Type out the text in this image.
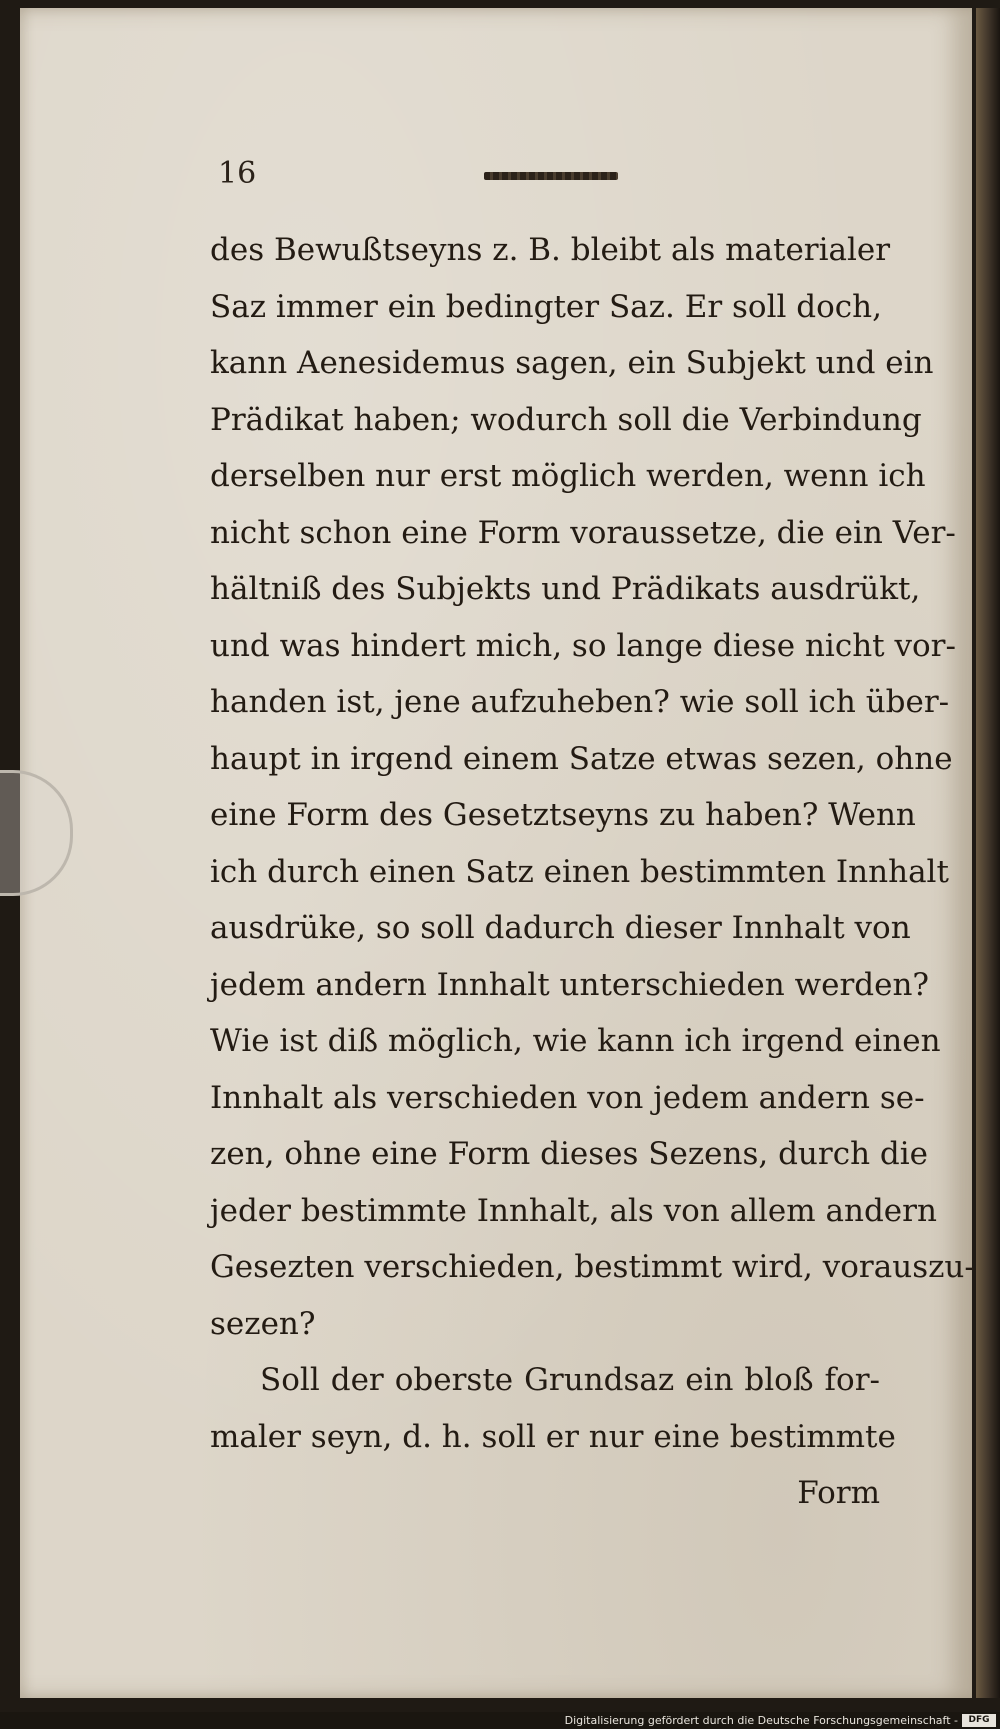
16
des Bewußtseyns z. B. bleibt als materialer
Saz immer ein bedingter Saz. Er soll doch,
kann Aenesidemus sagen, ein Subjekt und ein
Prädikat haben; wodurch soll die Verbindung
derselben nur erst möglich werden, wenn ich
nicht schon eine Form voraussetze, die ein Ver-
hältniß des Subjekts und Prädikats ausdrükt,
und was hindert mich, so lange diese nicht vor-
handen ist, jene aufzuheben? wie soll ich über-
haupt in irgend einem Satze etwas sezen, ohne
eine Form des Gesetztseyns zu haben? Wenn
ich durch einen Satz einen bestimmten Innhalt
ausdrüke, so soll dadurch dieser Innhalt von
jedem andern Innhalt unterschieden werden?
Wie ist diß möglich, wie kann ich irgend einen
Innhalt als verschieden von jedem andern se-
zen, ohne eine Form dieses Sezens, durch die
jeder bestimmte Innhalt, als von allem andern
Gesezten verschieden, bestimmt wird, vorauszu-
sezen?
Soll der oberste Grundsaz ein bloß for-
maler seyn, d. h. soll er nur eine bestimmte
Form
Digitalisierung gefördert durch die Deutsche Forschungsgemeinschaft -	DFG
